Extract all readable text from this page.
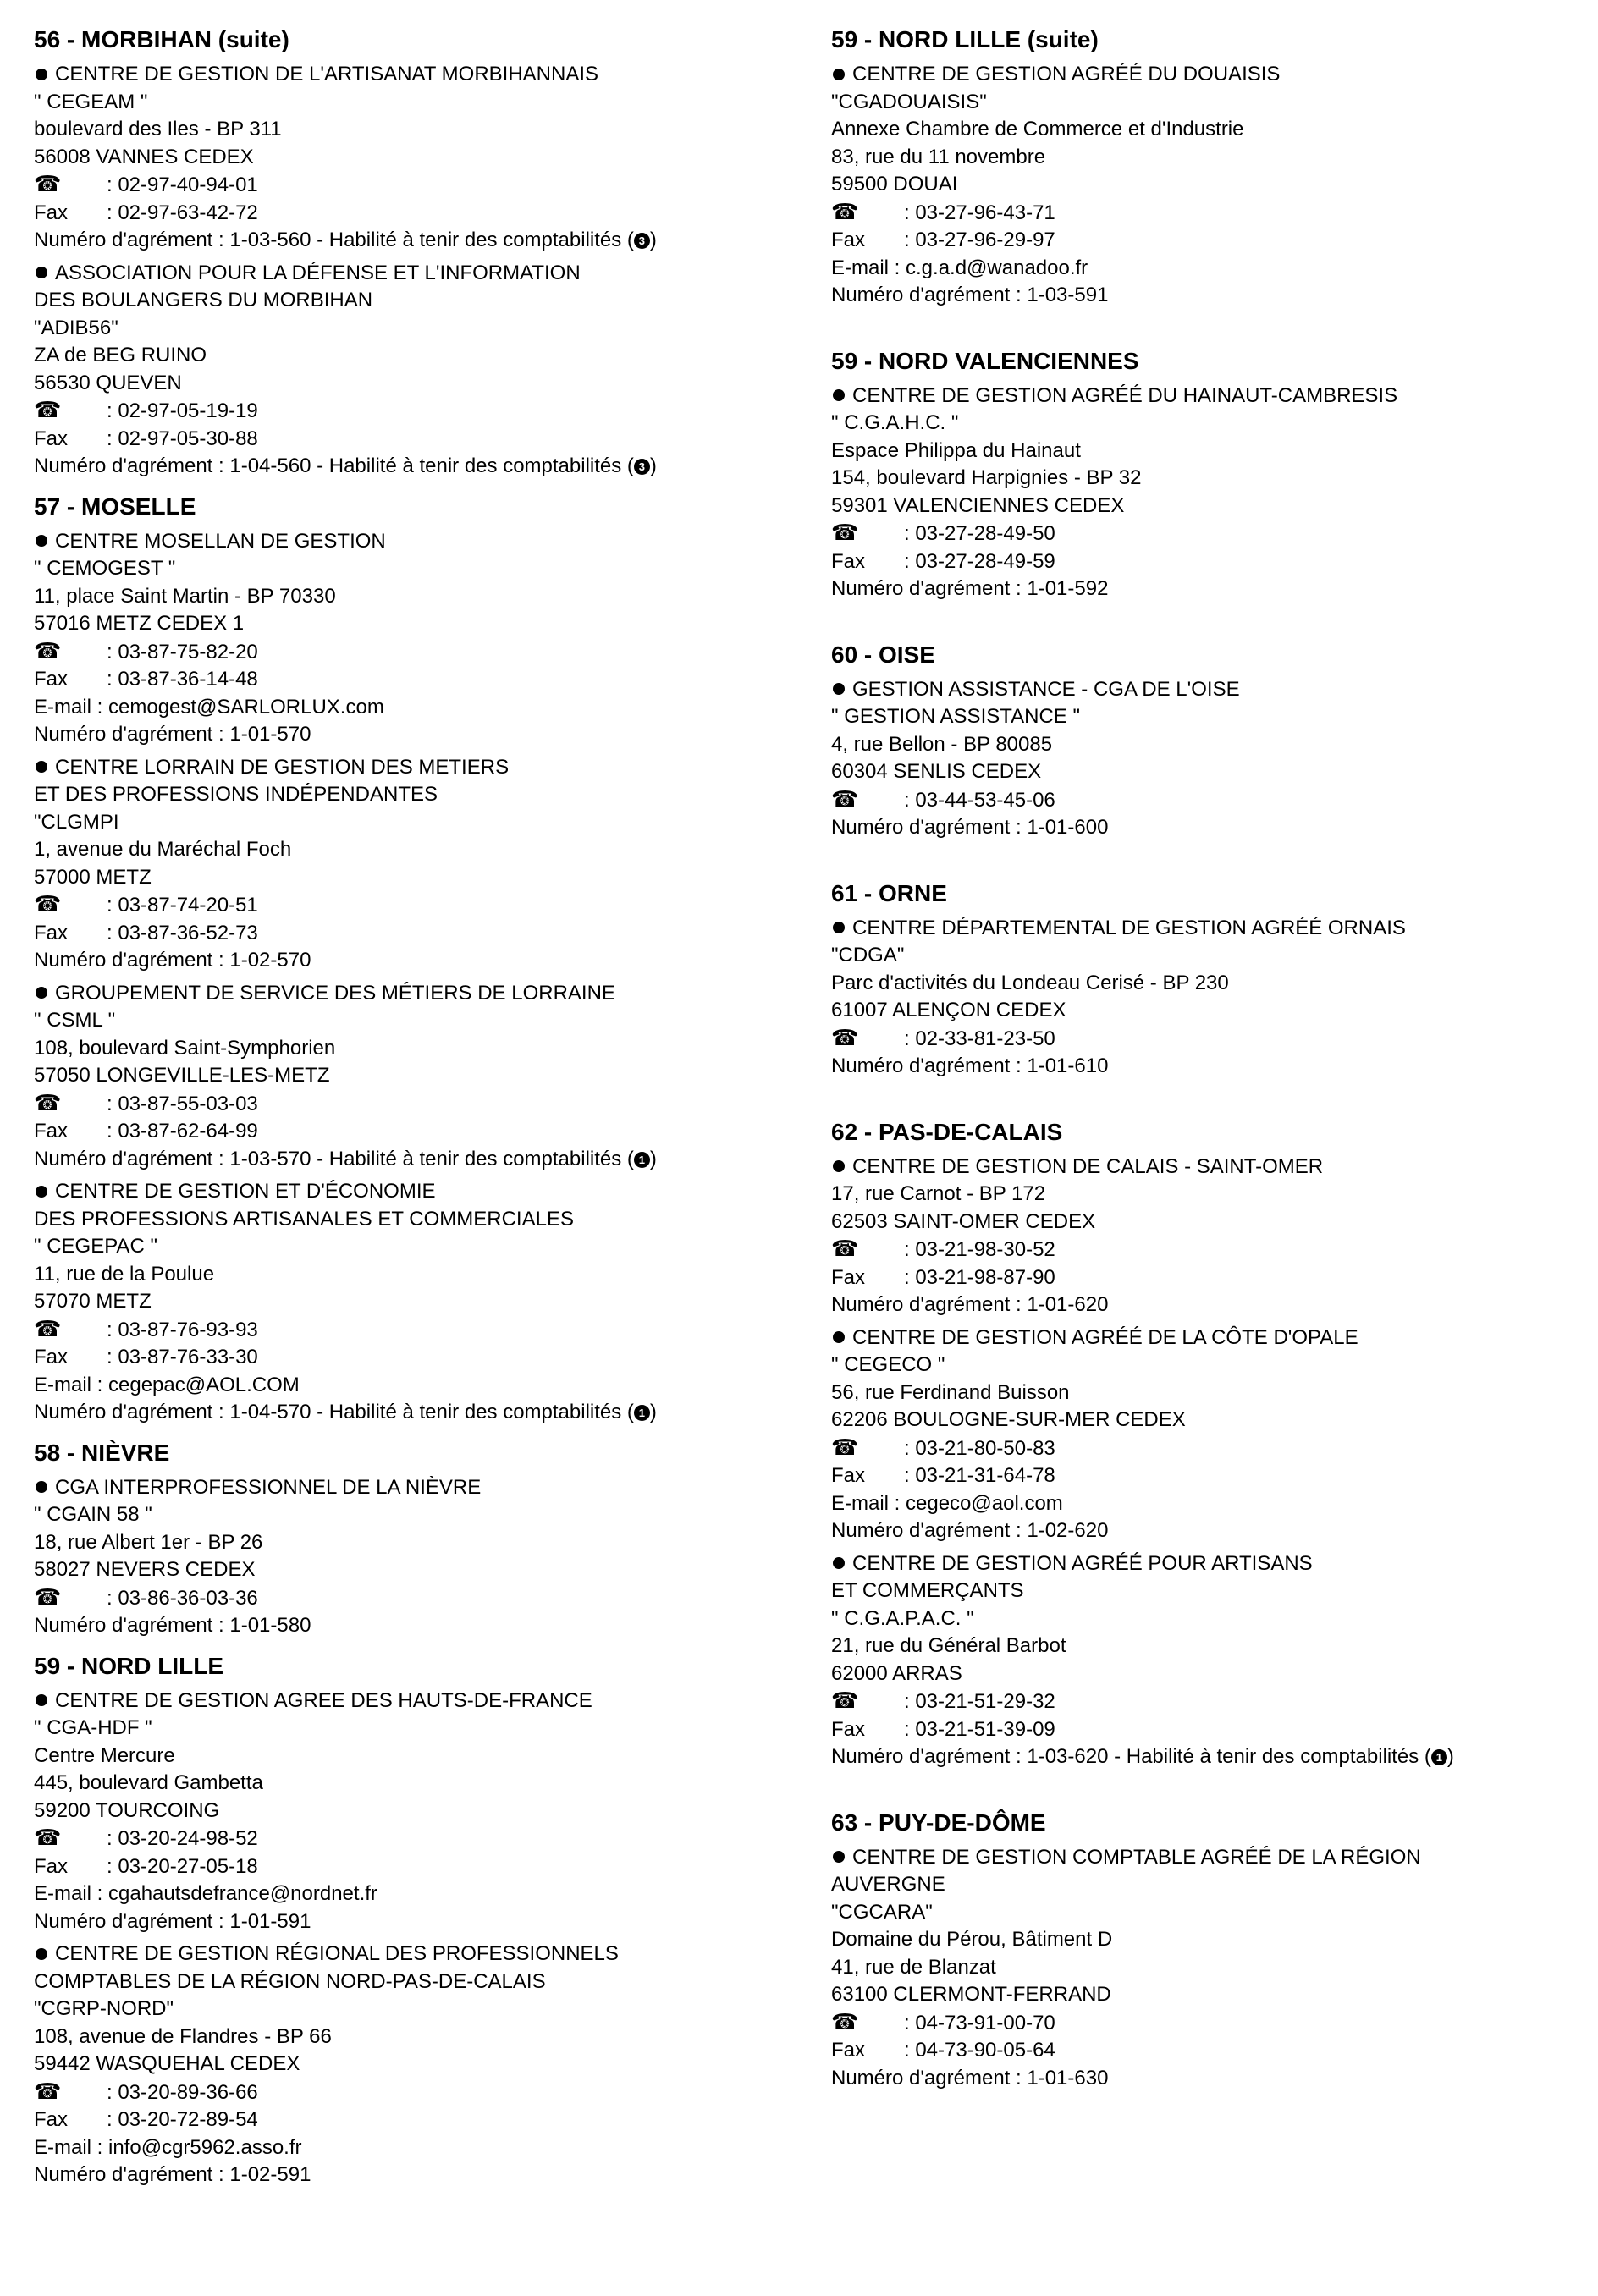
56 - MORBIHAN (suite)
CENTRE DE GESTION DE L'ARTISANAT MORBIHANNAIS
" CEGEAM "
boulevard des Iles - BP 311
56008 VANNES CEDEX
☎ : 02-97-40-94-01
Fax : 02-97-63-42-72
Numéro d'agrément : 1-03-560 - Habilité à tenir des comptabilités ( 3 )
ASSOCIATION POUR LA DÉFENSE ET L'INFORMATION
DES BOULANGERS DU MORBIHAN
"ADIB56"
ZA de BEG RUINO
56530 QUEVEN
☎ : 02-97-05-19-19
Fax : 02-97-05-30-88
Numéro d'agrément : 1-04-560 - Habilité à tenir des comptabilités ( 3 )
57 - MOSELLE
CENTRE MOSELLAN DE GESTION
" CEMOGEST "
11, place Saint Martin - BP 70330
57016 METZ CEDEX 1
☎ : 03-87-75-82-20
Fax : 03-87-36-14-48
E-mail : cemogest@SARLORLUX.com
Numéro d'agrément : 1-01-570
CENTRE LORRAIN DE GESTION DES METIERS
ET DES PROFESSIONS INDÉPENDANTES
"CLGMPI
1, avenue du Maréchal Foch
57000 METZ
☎ : 03-87-74-20-51
Fax : 03-87-36-52-73
Numéro d'agrément : 1-02-570
GROUPEMENT DE SERVICE DES MÉTIERS DE LORRAINE
" CSML "
108, boulevard Saint-Symphorien
57050 LONGEVILLE-LES-METZ
☎ : 03-87-55-03-03
Fax : 03-87-62-64-99
Numéro d'agrément : 1-03-570 - Habilité à tenir des comptabilités ( 1 )
CENTRE DE GESTION ET D'ÉCONOMIE
DES PROFESSIONS ARTISANALES ET COMMERCIALES
" CEGEPAC "
11, rue de la Poulue
57070 METZ
☎ : 03-87-76-93-93
Fax : 03-87-76-33-30
E-mail : cegepac@AOL.COM
Numéro d'agrément : 1-04-570 - Habilité à tenir des comptabilités ( 1 )
58 - NIÈVRE
CGA INTERPROFESSIONNEL DE LA NIÈVRE
" CGAIN 58 "
18, rue Albert 1er - BP 26
58027 NEVERS CEDEX
☎ : 03-86-36-03-36
Numéro d'agrément : 1-01-580
59 - NORD LILLE
CENTRE DE GESTION AGREE DES HAUTS-DE-FRANCE
" CGA-HDF "
Centre Mercure
445, boulevard Gambetta
59200 TOURCOING
☎ : 03-20-24-98-52
Fax : 03-20-27-05-18
E-mail : cgahautsdefrance@nordnet.fr
Numéro d'agrément : 1-01-591
CENTRE DE GESTION RÉGIONAL DES PROFESSIONNELS
COMPTABLES DE LA RÉGION NORD-PAS-DE-CALAIS
"CGRP-NORD"
108, avenue de Flandres - BP 66
59442 WASQUEHAL CEDEX
☎ : 03-20-89-36-66
Fax : 03-20-72-89-54
E-mail : info@cgr5962.asso.fr
Numéro d'agrément : 1-02-591
59 - NORD LILLE (suite)
CENTRE DE GESTION AGRÉÉ DU DOUAISIS
"CGADOUAISIS"
Annexe Chambre de Commerce et d'Industrie
83, rue du 11 novembre
59500 DOUAI
☎ : 03-27-96-43-71
Fax : 03-27-96-29-97
E-mail : c.g.a.d@wanadoo.fr
Numéro d'agrément : 1-03-591
59 - NORD VALENCIENNES
CENTRE DE GESTION AGRÉÉ DU HAINAUT-CAMBRESIS
" C.G.A.H.C. "
Espace Philippa du Hainaut
154, boulevard Harpignies - BP 32
59301 VALENCIENNES CEDEX
☎ : 03-27-28-49-50
Fax : 03-27-28-49-59
Numéro d'agrément : 1-01-592
60 - OISE
GESTION ASSISTANCE - CGA DE L'OISE
" GESTION ASSISTANCE "
4, rue Bellon - BP 80085
60304 SENLIS CEDEX
☎ : 03-44-53-45-06
Numéro d'agrément : 1-01-600
61 - ORNE
CENTRE DÉPARTEMENTAL DE GESTION AGRÉÉ ORNAIS
"CDGA"
Parc d'activités du Londeau Cerisé - BP 230
61007 ALENÇON CEDEX
☎ : 02-33-81-23-50
Numéro d'agrément : 1-01-610
62 - PAS-DE-CALAIS
CENTRE DE GESTION DE CALAIS - SAINT-OMER
17, rue Carnot - BP 172
62503 SAINT-OMER CEDEX
☎ : 03-21-98-30-52
Fax : 03-21-98-87-90
Numéro d'agrément : 1-01-620
CENTRE DE GESTION AGRÉÉ DE LA CÔTE D'OPALE
" CEGECO "
56, rue Ferdinand Buisson
62206 BOULOGNE-SUR-MER CEDEX
☎ : 03-21-80-50-83
Fax : 03-21-31-64-78
E-mail : cegeco@aol.com
Numéro d'agrément : 1-02-620
CENTRE DE GESTION AGRÉÉ POUR ARTISANS
ET COMMERÇANTS
" C.G.A.P.A.C. "
21, rue du Général Barbot
62000 ARRAS
☎ : 03-21-51-29-32
Fax : 03-21-51-39-09
Numéro d'agrément : 1-03-620 - Habilité à tenir des comptabilités ( 1 )
63 - PUY-DE-DÔME
CENTRE DE GESTION COMPTABLE AGRÉÉ DE LA RÉGION
AUVERGNE
"CGCARA"
Domaine du Pérou, Bâtiment D
41, rue de Blanzat
63100 CLERMONT-FERRAND
☎ : 04-73-91-00-70
Fax : 04-73-90-05-64
Numéro d'agrément : 1-01-630
